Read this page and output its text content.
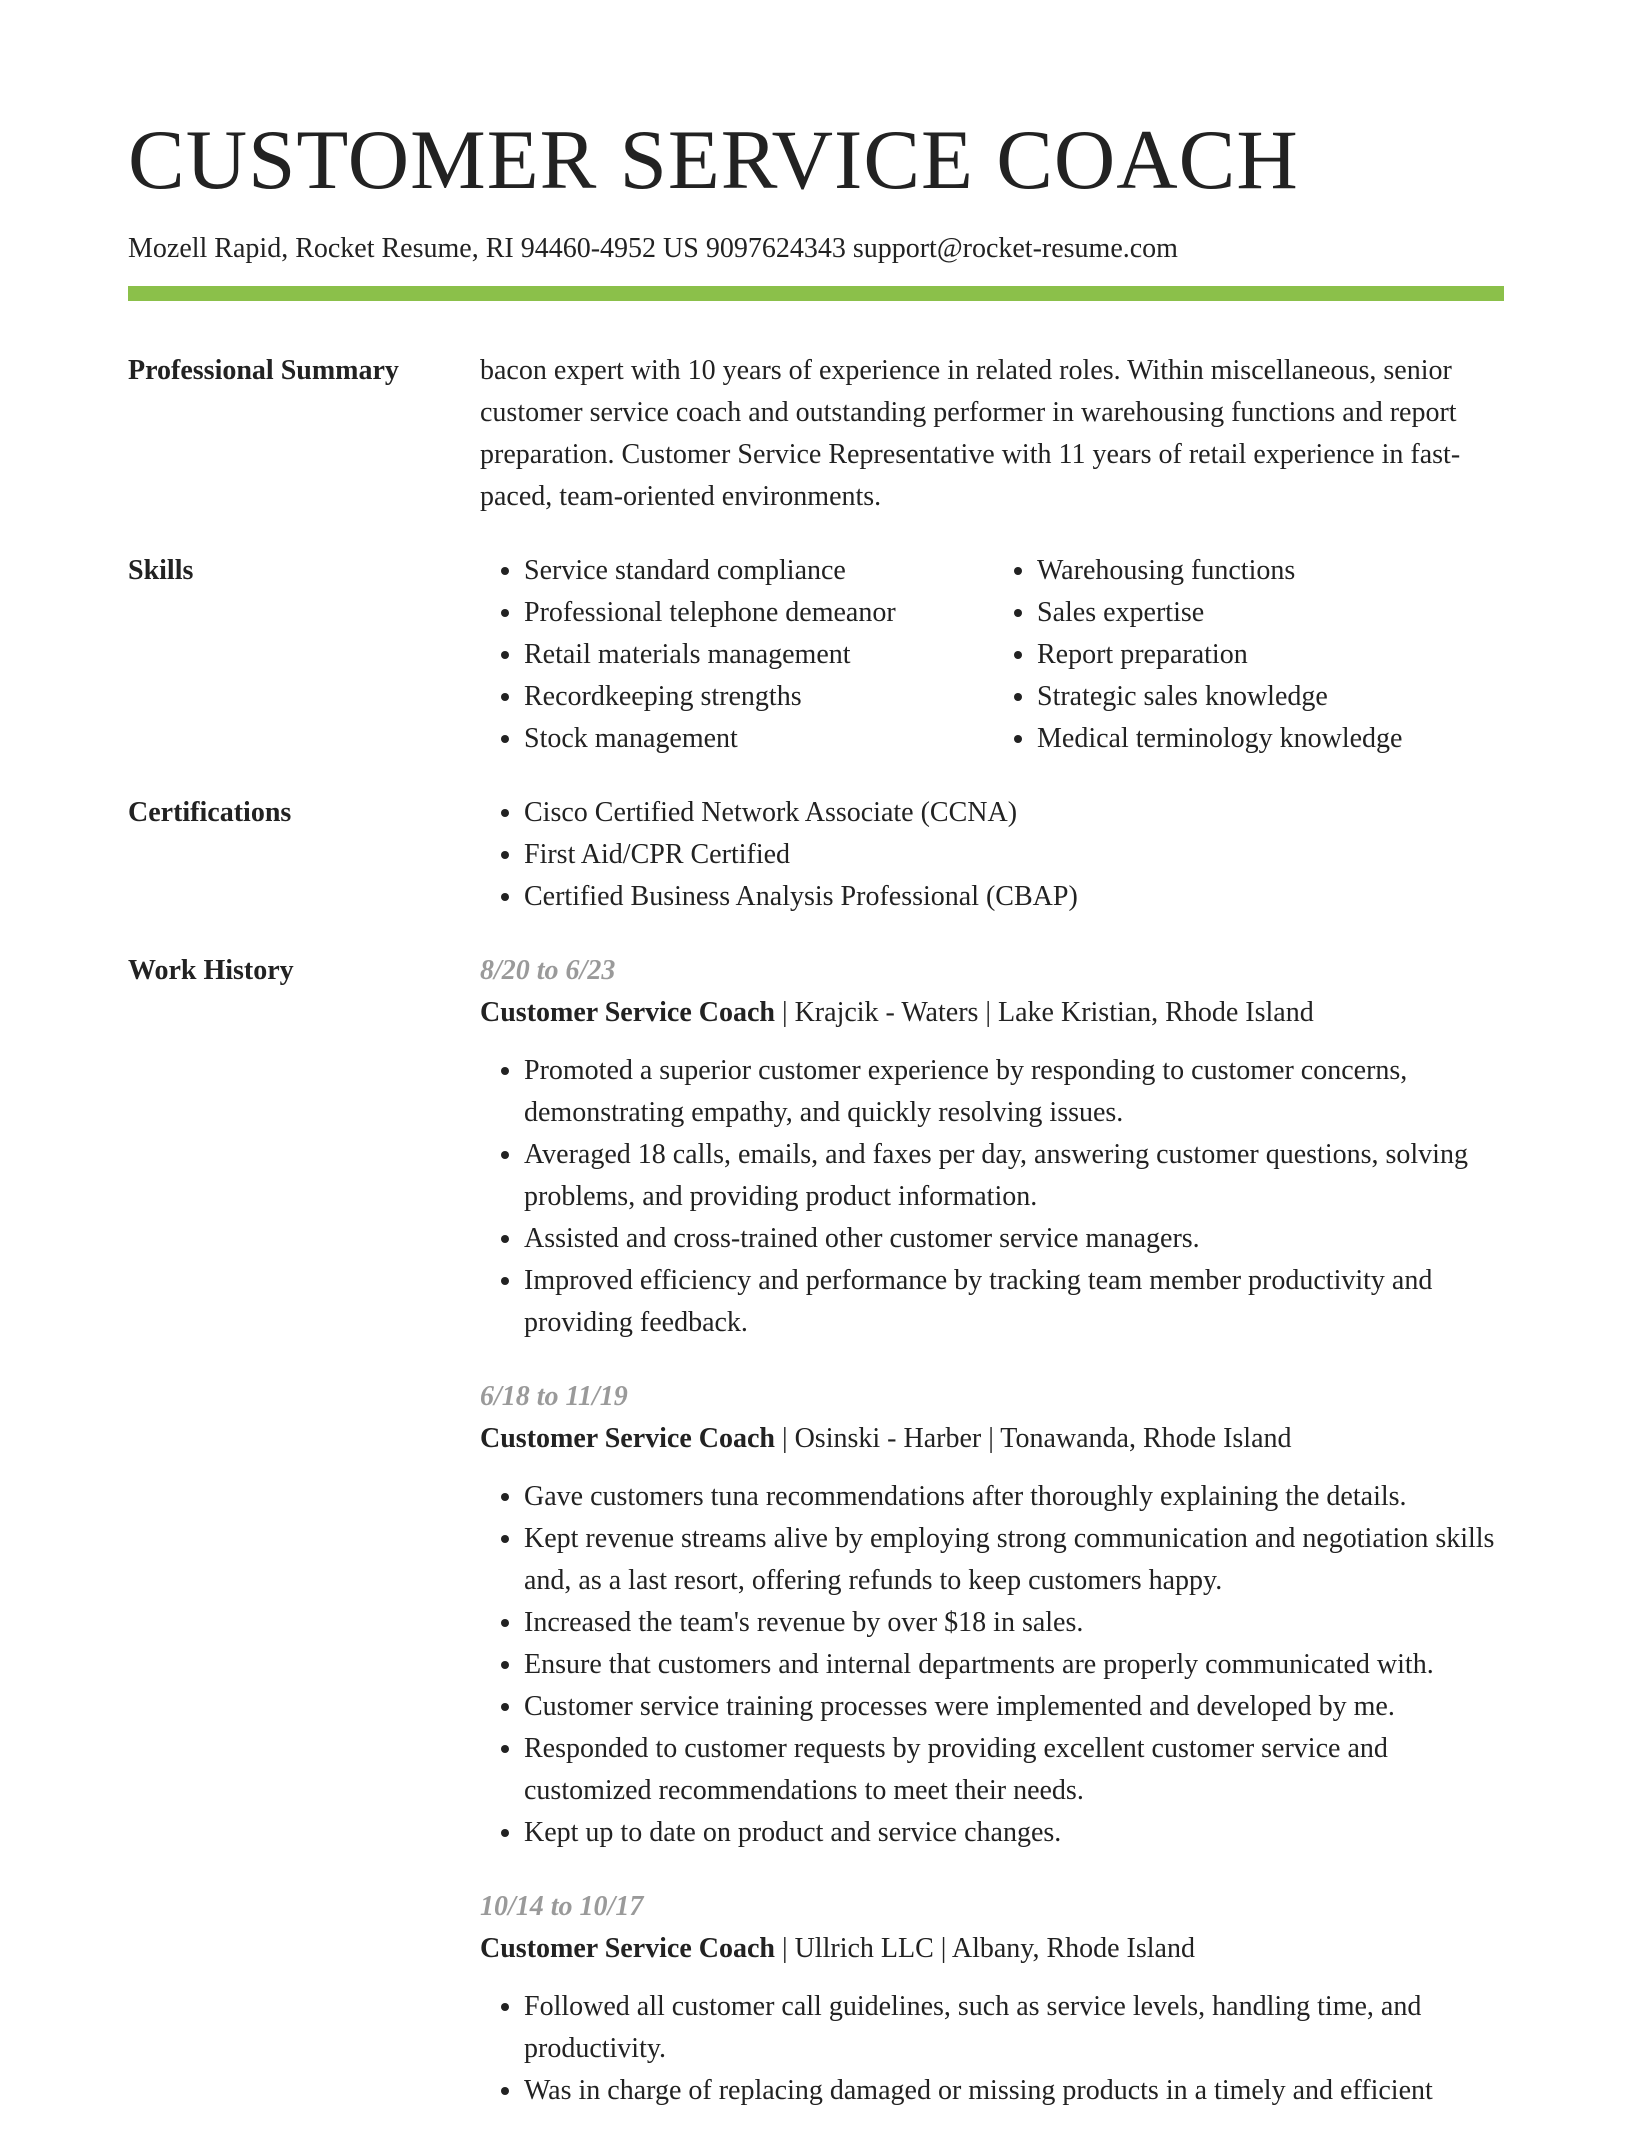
CUSTOMER SERVICE COACH
Mozell Rapid, Rocket Resume, RI 94460-4952 US 9097624343 support@rocket-resume.com
Professional Summary	bacon expert with 10 years of experience in related roles. Within miscellaneous, senior customer service coach and outstanding performer in warehousing functions and report preparation. Customer Service Representative with 11 years of retail experience in fast-paced, team-oriented environments.

Skills	• Service standard compliance
• Professional telephone demeanor
• Retail materials management
• Recordkeeping strengths
• Stock management
• Warehousing functions
• Sales expertise
• Report preparation
• Strategic sales knowledge
• Medical terminology knowledge
Certifications	• Cisco Certified Network Associate (CCNA)
• First Aid/CPR Certified
• Certified Business Analysis Professional (CBAP)
Work History	8/20 to 6/23
Customer Service Coach | Krajcik - Waters | Lake Kristian, Rhode Island
• Promoted a superior customer experience by responding to customer concerns, demonstrating empathy, and quickly resolving issues.
• Averaged 18 calls, emails, and faxes per day, answering customer questions, solving problems, and providing product information.
• Assisted and cross-trained other customer service managers.
• Improved efficiency and performance by tracking team member productivity and providing feedback.
6/18 to 11/19
Customer Service Coach | Osinski - Harber | Tonawanda, Rhode Island
• Gave customers tuna recommendations after thoroughly explaining the details.
• Kept revenue streams alive by employing strong communication and negotiation skills and, as a last resort, offering refunds to keep customers happy.
• Increased the team's revenue by over $18 in sales.
• Ensure that customers and internal departments are properly communicated with.
• Customer service training processes were implemented and developed by me.
• Responded to customer requests by providing excellent customer service and customized recommendations to meet their needs.
• Kept up to date on product and service changes.
10/14 to 10/17
Customer Service Coach | Ullrich LLC | Albany, Rhode Island
• Followed all customer call guidelines, such as service levels, handling time, and productivity.
• Was in charge of replacing damaged or missing products in a timely and efficient
